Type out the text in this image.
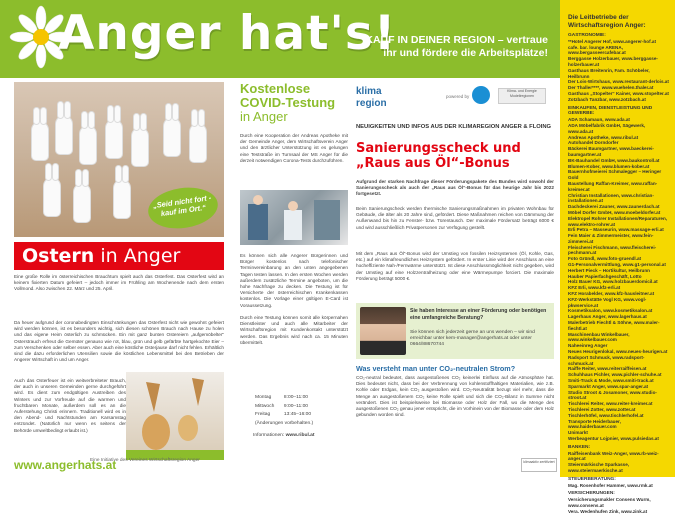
Anger hat's!
KAUF IN DEINER REGION – vertraue ihr und fördere die Arbeitsplätze!
„Seid nicht fort - kauf im Ort.“
Ostern in Anger

Eine große Rolle im österreichischen Brauchtum spielt auch das Osterfest. Das Osterfest wird an keinem fixierten Datum gefeiert – jedoch immer im Frühling am Wochenende nach dem ersten Vollmond. Also zwischen 22. März und 25. April.

Da heuer aufgrund der coronabedingten Einschränkungen das Osterfest nicht wie gewohnt gefeiert wird werden können, ist es besonders wichtig, sich diesen schönen Brauch nach Hause zu holen und das eigene Heim österlich zu schmücken. Ein mit ganz bunten Ostereiern „aufgemöbelter“ Osterstrauch erfreut die Gemüter genauso wie rot, blau, grün und gelb gefärbte hartgekochte Eier – zum Verschenken oder selber essen. Aber auch eine köstliche Osterjause darf nicht fehlen. Erhältlich sind die dazu erforderlichen Utensilien sowie die köstlichen Lebensmittel bei den Betrieben der Angerer Wirtschaft in und um Anger.

Auch das Osterfeuer ist ein weitverbreiteter Brauch, der auch in unseren Gemeinden gerne durchgeführt wird. Es dient zum endgültigen Austreiben des Winters und zur Vorfreude auf die warmen und fruchtbaren Monate, außerdem soll es an die Auferstehung Christi erinnern. Traditionell wird es in den Abend- und Nachtstunden am Karsamstag entzündet. (Natürlich nur wenn es seitens der Behörde umweltbedingt erlaubt ist.)

www.angerhats.at
Eine Initiative des Vereines Wirtschaftsregion Anger
Kostenlose
COVID-Testung
in Anger

Durch eine Kooperation der Andreas Apotheke mit der Gemeinde Anger, dem Wirtschaftsverein Anger und den ärztlicher Unterstützung ist es gelungen eine Teststraße im Turnsaal der MS Anger für die derzeit notwendigen Corona-Tests durchzuführen.

Es können sich alle Angerer Bürgerinnen und Bürger kostenlos nach telefonischer Terminvereinbarung an den unten angegebenen Tagen testen lassen. In den ersten Wochen werden außerdem zusätzliche Termine angeboten, um die hohe Nachfrage zu decken. Die Testung ist für Versicherte der österreichischen Krankenkassen kostenlos. Die Vorlage einer gültigen E-Card ist Voraussetzung.

Durch eine Testung können somit alle körpernahen Dienstleister und auch alle Mitarbeiter der Wirtschaftsregion mit Kundenkontakt unterstützt werden. Das Ergebnis wird nach ca. 15 Minuten übermittelt.

Montag	8:00–11:00
Mittwoch	9:00–11:00
Freitag	13:45–16:00
(Änderungen vorbehalten.)	
Informationen: www.ribul.at
klima
region
powered by
Klima- und Energie Modellregionen
NEUIGKEITEN UND INFOS AUS DER KLIMAREGION ANGER & FLOING
Sanierungsscheck und
„Raus aus Öl“-Bonus

Aufgrund der starken Nachfrage dieser Förderungspakete des Bundes wird sowohl der Sanierungsscheck als auch der „Raus aus Öl“-Bonus für das heurige Jahr bis 2022 fortgesetzt.

Beim Sanierungscheck werden thermische Sanierungsmaßnahmen im privaten Wohnbau für Gebäude, die älter als 20 Jahre sind, gefördert. Diese Maßnahmen reichen von Dämmung der Außenwand bis hin zu Fenster- bzw. Türentausch. Der maximale Fördersatz beträgt 6000 € und wird ausschließlich Privatpersonen zur Verfügung gestellt.

Mit dem „Raus aus Öl“-Bonus wird der Umstieg von fossilen Heizsystemen (Öl, Kohle, Gas, etc.) auf ein klimafreundliches Heizsystem gefördert. In erster Linie wird der Anschluss an eine hocheffiziente Nah-/Fernwärme unterstützt. Ist diese Anschlussmöglichkeit nicht gegeben, wird der Umstieg auf eine Holzzentralheizung oder eine Wärmepumpe forciert. Die maximale Förderung beträgt 5000 €.

Sie haben Interesse an einer Förderung oder benötigen eine umfangreiche Beratung?
Sie können sich jederzeit gerne an uns wenden – wir sind erreichbar unter kem-manager@angerhats.at oder unter 0664/88670744
Was versteht man unter CO₂-neutralen Strom?

CO₂-neutral bedeutet, dass ausgestoßenes CO₂ keinerlei Einfluss auf die Atmosphäre hat. Dies bedeutet nicht, dass bei der Verbrennung von kohlenstoffhaltigen Materialien, wie z.B. Kohle oder Erdgas, kein CO₂ ausgestoßen wird. CO₂-Neutralität bezugt viel mehr, dass die Menge an ausgestoßenem CO₂ keine Rolle spielt und sich die CO₂-Bilanz in Summe nicht verändert. Dies ist beispielsweise bei Biomasse oder Holz der Fall, wo die Menge des ausgestoßenen CO₂ genau jener entspricht, die im Vorhinein von der Biomasse oder dem Holz gebunden worden sind.

klimaaktiv zertifiziert
Die Leitbetriebe der Wirtschaftsregion Anger:
GASTRONOMIE:
**Hotel Angerer Hof, www.angerer-hof.at
cafe. bar. lounge ARENA, www.bergasseercafebar.at
Berggasse Holzerbauer, www.berggasse-holzerbauer.at
Gasthaus Breitenrin, Fam. Schöbeler, Heilbrunn
Der Lois-Wirtshaus, www.restaurant-derlois.at
Der Thaller****, www.wuehelen.thaler.at
Gasthaus „Stopelter“ Kainer, www.stopelter.at
Zotzbach Tanzbar, www.zotzbach.at
EINKAUFEN, DIENSTLEISTUNG UND GEWERBE:
ADA Schamaun, www.ada.at
ADA Möbelfabrik GmbH, Sägewerk, www.ada.at
Andreas Apotheke, www.ribul.at
Autohandel Dorndorfer
Bäckerei Baumgartner, www.baeckerei-baumgartner.at
BK-Bauhandel GmbH, www.baukontroll.at
Blumen-Kober, www.blumen-kober.at
Bauernhofmeierei Schmalegger – Heringer Gold
Baustellung Raffan-Kreimer, www.raffan-kreimer.at
Christian Installationen, www.christian-installationen.at
Dachdeckerei Zauner, www.zaunerdach.at
Möbel Dorfer GmbH, www.moebeldorfer.at
Elektropel Rohrer Installationen/Reparaturen, www.elektro-rohrer.at
Erli Petra – Masseurin, www.massage-erli.at
Fein Maier & Zimmermeister, www.fein-zimmerei.at
Fleischerei Fischmann, www.fleischerei-pechmann.at
Foto Gründl, www.foto-gruendl.at
G1-Personalvermittlung, www.g1-personal.at
Herbert Pieck – Hortikultur, Heilbrunn
Hauber Papierfachgeschäft, Lotto
Holz Bauer KG, www.holzbauerdomicil.at
KFZ Erli, www.kfz-erli.at
KFZ Horabelder, www.kfz-hausleitner.at
KFZ-Werkstätte Vogl KG, www.vogl-pkwservice.at
Kosmetiksalon, www.kosmetiksalon.at
Lagerhaus Anger, www.lagerhaus.at
Malerbetrieb Fiechtl & Söhne, www.maler-fiechtl.at
Maschinenbau Winkelbauer, www.winkelbauer.com
Naheeinreg Anger
Neues Heurigenlokal, www.neues-heurigen.at
Radsport Schmuck, www.radsport-schmuck.at
Raiffe Reiter, www.reiterraiffeisen.at
Schuhhaus Pichler, www.pichler-schuhe.at
Smiti-Track & Mode, www.smiti-track.at
Sparmarkt Anger, www.spar-anger.at
Studio Stroot & Josamoner, www.studio-stroot.at
Tischlerei Reiter, www.reiter-kreimer.at
Tischlerei Zotter, www.zotter.at
Tischlerhöfel, www.tischlerhofel.at
Transporte Heiderbauer, www.haiderbauer.com
Unimarkt
Werbeagentur Lojpnier, www.pulsiedas.at
BANKEN:
Raiffeisenbank Weiz-Anger, www.rb-weiz-anger.at
Steiermärkische Sparkasse, www.steiermaerkische.at
STEUERBERATUNG:
Mag. Rosenhofer Hammer, www.rmk.at
VERSICHERUNGEN:
Versicherungsmakler Consens Wurm, www.consens.at
Vera. Wedenhufen Zink, www.zink.at
